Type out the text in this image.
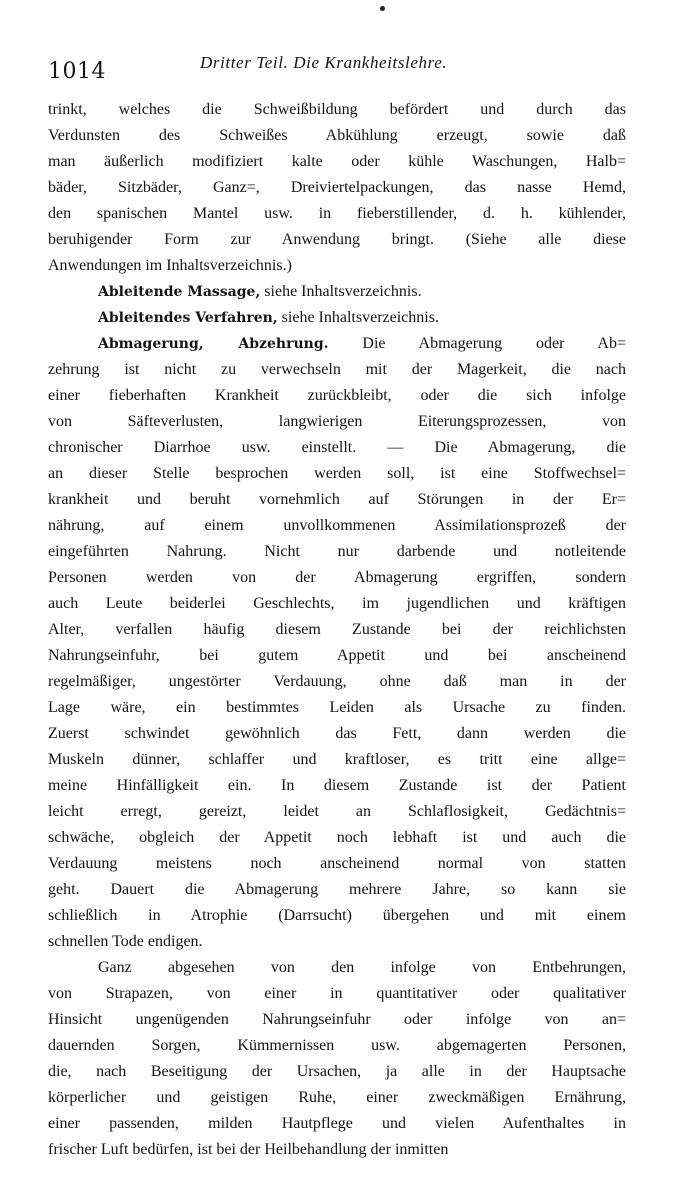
1014	Dritter Teil. Die Krankheitslehre.
trinkt, welches die Schweißbildung befördert und durch das
Verdunsten des Schweißes Abkühlung erzeugt, sowie daß
man äußerlich modifiziert kalte oder kühle Waschungen, Halb=
bäder, Sitzbäder, Ganz=, Dreiviertelpackungen, das nasse Hemd,
den spanischen Mantel usw. in fieberstillender, d. h. kühlender,
beruhigender Form zur Anwendung bringt. (Siehe alle diese
Anwendungen im Inhaltsverzeichnis.)
Ableitende Massage, siehe Inhaltsverzeichnis.
Ableitendes Verfahren, siehe Inhaltsverzeichnis.
Abmagerung, Abzehrung. Die Abmagerung oder Ab=
zehrung ist nicht zu verwechseln mit der Magerkeit, die nach
einer fieberhaften Krankheit zurückbleibt, oder die sich infolge
von Säfteverlusten, langwierigen Eiterungsprozessen, von
chronischer Diarrhoe usw. einstellt. — Die Abmagerung, die
an dieser Stelle besprochen werden soll, ist eine Stoffwechsel=
krankheit und beruht vornehmlich auf Störungen in der Er=
nährung, auf einem unvollkommenen Assimilationsprozeß der
eingeführten Nahrung. Nicht nur darbende und notleitende
Personen werden von der Abmagerung ergriffen, sondern
auch Leute beiderlei Geschlechts, im jugendlichen und kräftigen
Alter, verfallen häufig diesem Zustande bei der reichlichsten
Nahrungseinfuhr, bei gutem Appetit und bei anscheinend
regelmäßiger, ungestörter Verdauung, ohne daß man in der
Lage wäre, ein bestimmtes Leiden als Ursache zu finden.
Zuerst schwindet gewöhnlich das Fett, dann werden die
Muskeln dünner, schlaffer und kraftloser, es tritt eine allge=
meine Hinfälligkeit ein. In diesem Zustande ist der Patient
leicht erregt, gereizt, leidet an Schlaflosigkeit, Gedächtnis=
schwäche, obgleich der Appetit noch lebhaft ist und auch die
Verdauung meistens noch anscheinend normal von statten
geht. Dauert die Abmagerung mehrere Jahre, so kann sie
schließlich in Atrophie (Darrsucht) übergehen und mit einem
schnellen Tode endigen.
Ganz abgesehen von den infolge von Entbehrungen,
von Strapazen, von einer in quantitativer oder qualitativer
Hinsicht ungenügenden Nahrungseinfuhr oder infolge von an=
dauernden Sorgen, Kümmernissen usw. abgemagerten Personen,
die, nach Beseitigung der Ursachen, ja alle in der Hauptsache
körperlicher und geistigen Ruhe, einer zweckmäßigen Ernährung,
einer passenden, milden Hautpflege und vielen Aufenthaltes in
frischer Luft bedürfen, ist bei der Heilbehandlung der inmitten
